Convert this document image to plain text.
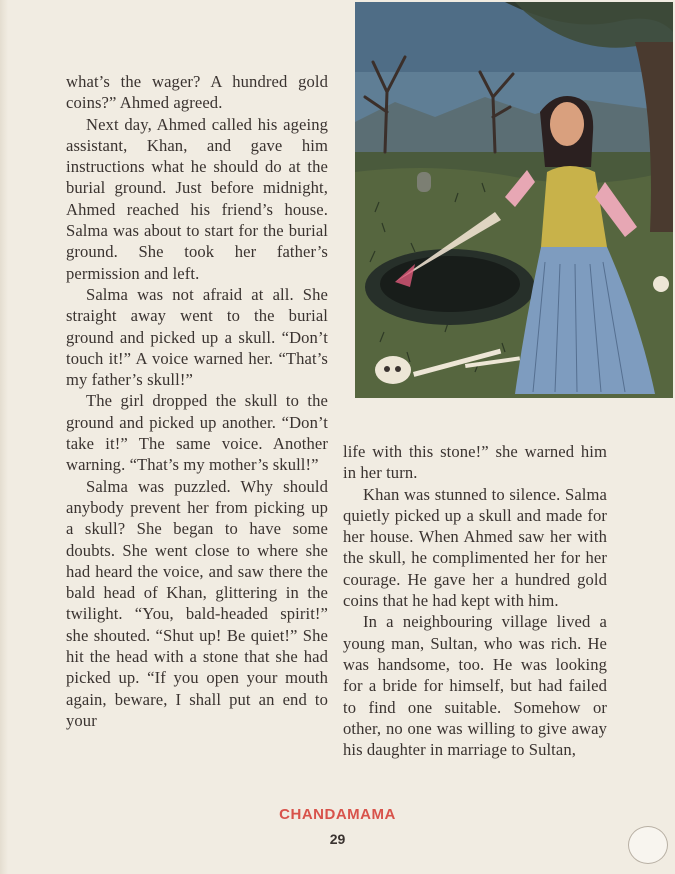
what’s the wager? A hundred gold coins?” Ahmed agreed.

Next day, Ahmed called his ageing assistant, Khan, and gave him instructions what he should do at the burial ground. Just before midnight, Ahmed reached his friend’s house. Salma was about to start for the burial ground. She took her father’s permission and left.

Salma was not afraid at all. She straight away went to the burial ground and picked up a skull. “Don’t touch it!” A voice warned her. “That’s my father’s skull!”

The girl dropped the skull to the ground and picked up another. “Don’t take it!” The same voice. Another warning. “That’s my mother’s skull!”

Salma was puzzled. Why should anybody prevent her from picking up a skull? She began to have some doubts. She went close to where she had heard the voice, and saw there the bald head of Khan, glittering in the twilight. “You, bald-headed spirit!” she shouted. “Shut up! Be quiet!” She hit the head with a stone that she had picked up. “If you open your mouth again, beware, I shall put an end to your

life with this stone!” she warned him in her turn.

Khan was stunned to silence. Salma quietly picked up a skull and made for her house. When Ahmed saw her with the skull, he complimented her for her courage. He gave her a hundred gold coins that he had kept with him.

In a neighbouring village lived a young man, Sultan, who was rich. He was handsome, too. He was looking for a bride for himself, but had failed to find one suitable. Somehow or other, no one was willing to give away his daughter in marriage to Sultan,

CHANDAMAMA
29
